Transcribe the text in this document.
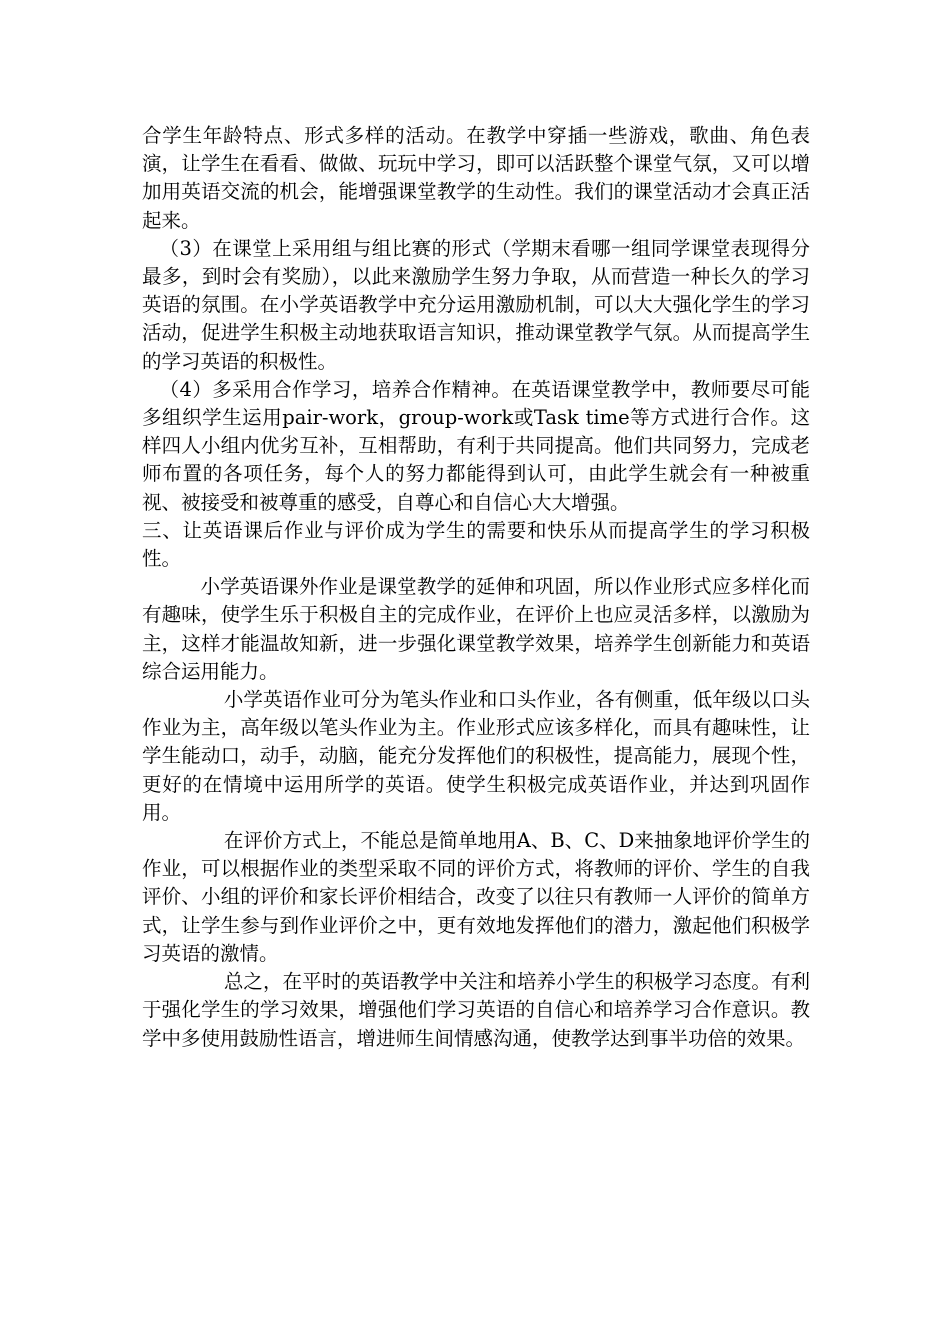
合学生年龄特点、形式多样的活动。在教学中穿插一些游戏，歌曲、角色表演，让学生在看看、做做、玩玩中学习，即可以活跃整个课堂气氛，又可以增加用英语交流的机会，能增强课堂教学的生动性。我们的课堂活动才会真正活起来。

（3）在课堂上采用组与组比赛的形式（学期末看哪一组同学课堂表现得分最多，到时会有奖励），以此来激励学生努力争取，从而营造一种长久的学习英语的氛围。在小学英语教学中充分运用激励机制，可以大大强化学生的学习活动，促进学生积极主动地获取语言知识，推动课堂教学气氛。从而提高学生的学习英语的积极性。

（4）多采用合作学习，培养合作精神。在英语课堂教学中，教师要尽可能多组织学生运用pair-work，group-work或Task time等方式进行合作。这样四人小组内优劣互补，互相帮助，有利于共同提高。他们共同努力，完成老师布置的各项任务，每个人的努力都能得到认可，由此学生就会有一种被重视、被接受和被尊重的感受，自尊心和自信心大大增强。

三、让英语课后作业与评价成为学生的需要和快乐从而提高学生的学习积极性。

小学英语课外作业是课堂教学的延伸和巩固，所以作业形式应多样化而有趣味，使学生乐于积极自主的完成作业，在评价上也应灵活多样，以激励为主，这样才能温故知新，进一步强化课堂教学效果，培养学生创新能力和英语综合运用能力。

小学英语作业可分为笔头作业和口头作业，各有侧重，低年级以口头作业为主，高年级以笔头作业为主。作业形式应该多样化，而具有趣味性，让学生能动口，动手，动脑，能充分发挥他们的积极性，提高能力，展现个性，更好的在情境中运用所学的英语。使学生积极完成英语作业，并达到巩固作用。

在评价方式上，不能总是简单地用A、B、C、D来抽象地评价学生的作业，可以根据作业的类型采取不同的评价方式，将教师的评价、学生的自我评价、小组的评价和家长评价相结合，改变了以往只有教师一人评价的简单方式，让学生参与到作业评价之中，更有效地发挥他们的潜力，激起他们积极学习英语的激情。

总之，在平时的英语教学中关注和培养小学生的积极学习态度。有利于强化学生的学习效果，增强他们学习英语的自信心和培养学习合作意识。教学中多使用鼓励性语言，增进师生间情感沟通，使教学达到事半功倍的效果。
